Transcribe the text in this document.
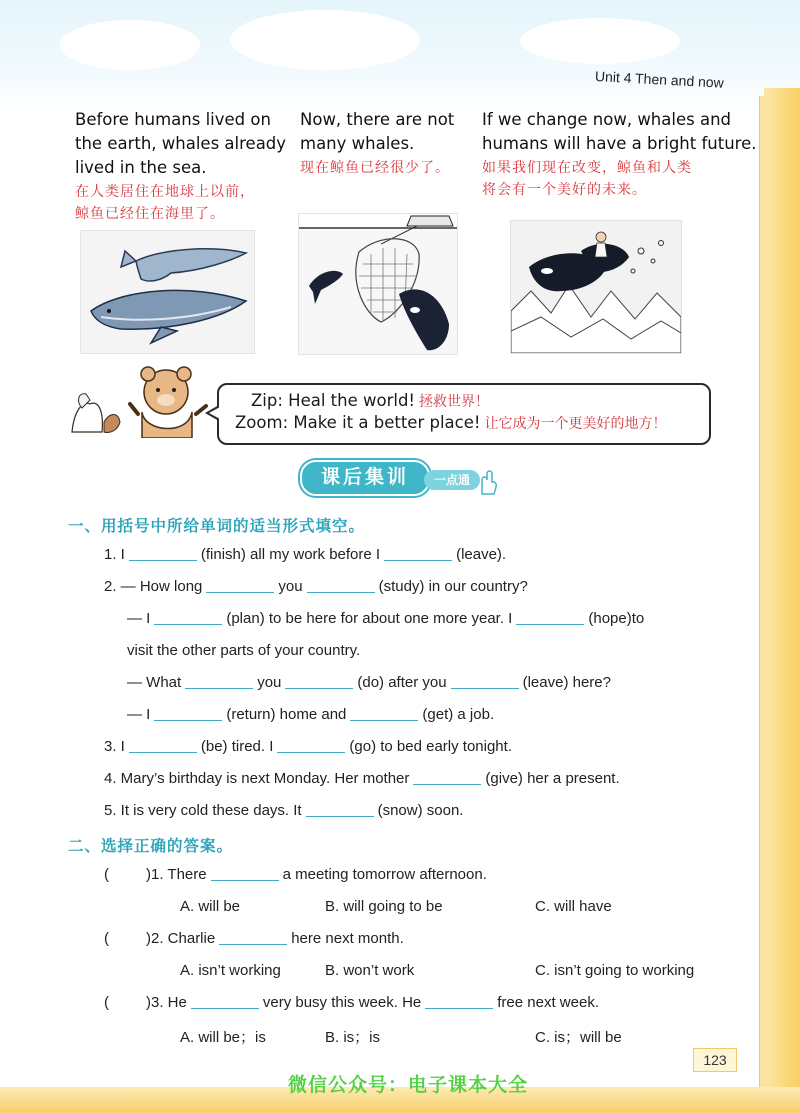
Unit 4 Then and now

Before humans lived on

the earth, whales already

lived in the sea.

在人类居住在地球上以前，

鲸鱼已经住在海里了。

Now, there are not

many whales.

现在鲸鱼已经很少了。

If we change now, whales and

humans will have a bright future.

如果我们现在改变，鲸鱼和人类

将会有一个美好的未来。

Zip: Heal the world! 拯救世界！
Zoom: Make it a better place! 让它成为一个更美好的地方！
课后集训	一点通
一、用括号中所给单词的适当形式填空。
1. I	(finish) all my work before I	(leave).
2. — How long	you	(study) in our country?
— I	(plan) to be here for about one more year. I	(hope)to
visit the other parts of your country.
— What	you	(do) after you	(leave) here?
— I	(return) home and	(get) a job.
3. I	(be) tired. I	(go) to bed early tonight.
4. Mary’s birthday is next Monday. Her mother	(give) her a present.
5. It is very cold these days. It	(snow) soon.
二、选择正确的答案。
( )1. There	a meeting tomorrow afternoon.
A. will be	B. will going to be	C. will have
( )2. Charlie	here next month.
A. isn’t working	B. won’t work	C. isn’t going to working
( )3. He	very busy this week. He	free next week.
A. will be；is	B. is；is	C. is；will be
123
微信公众号：电子课本大全
